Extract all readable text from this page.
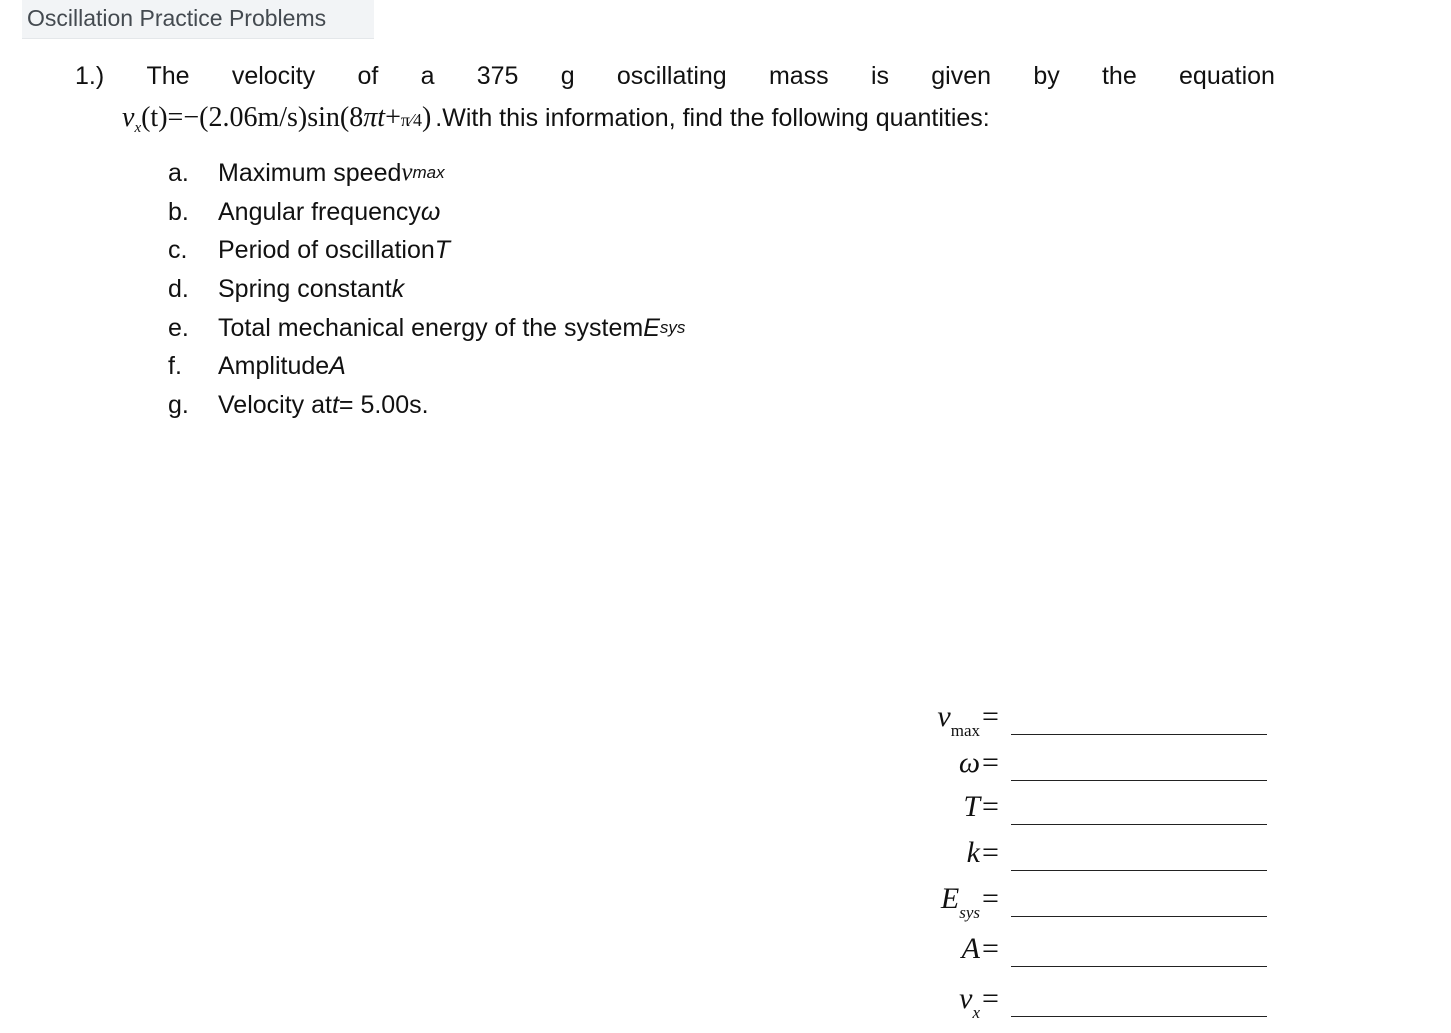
Oscillation Practice Problems
1.) The velocity of a 375 g oscillating mass is given by the equation
$v_x(t)=-(2.06m/s)\sin(8\pi t+\pi⁄4)$ .With this information, find the following quantities:
a.	Maximum speed v max
b.	Angular frequency ω
c.	Period of oscillation T
d.	Spring constant k
e.	Total mechanical energy of the system E sys
f.	Amplitude A
g.	Velocity at t = 5.00s.
$v_{max}$ =
ω =
T =
k =
$E_{sys}$ =
A =
$v_x$ =
